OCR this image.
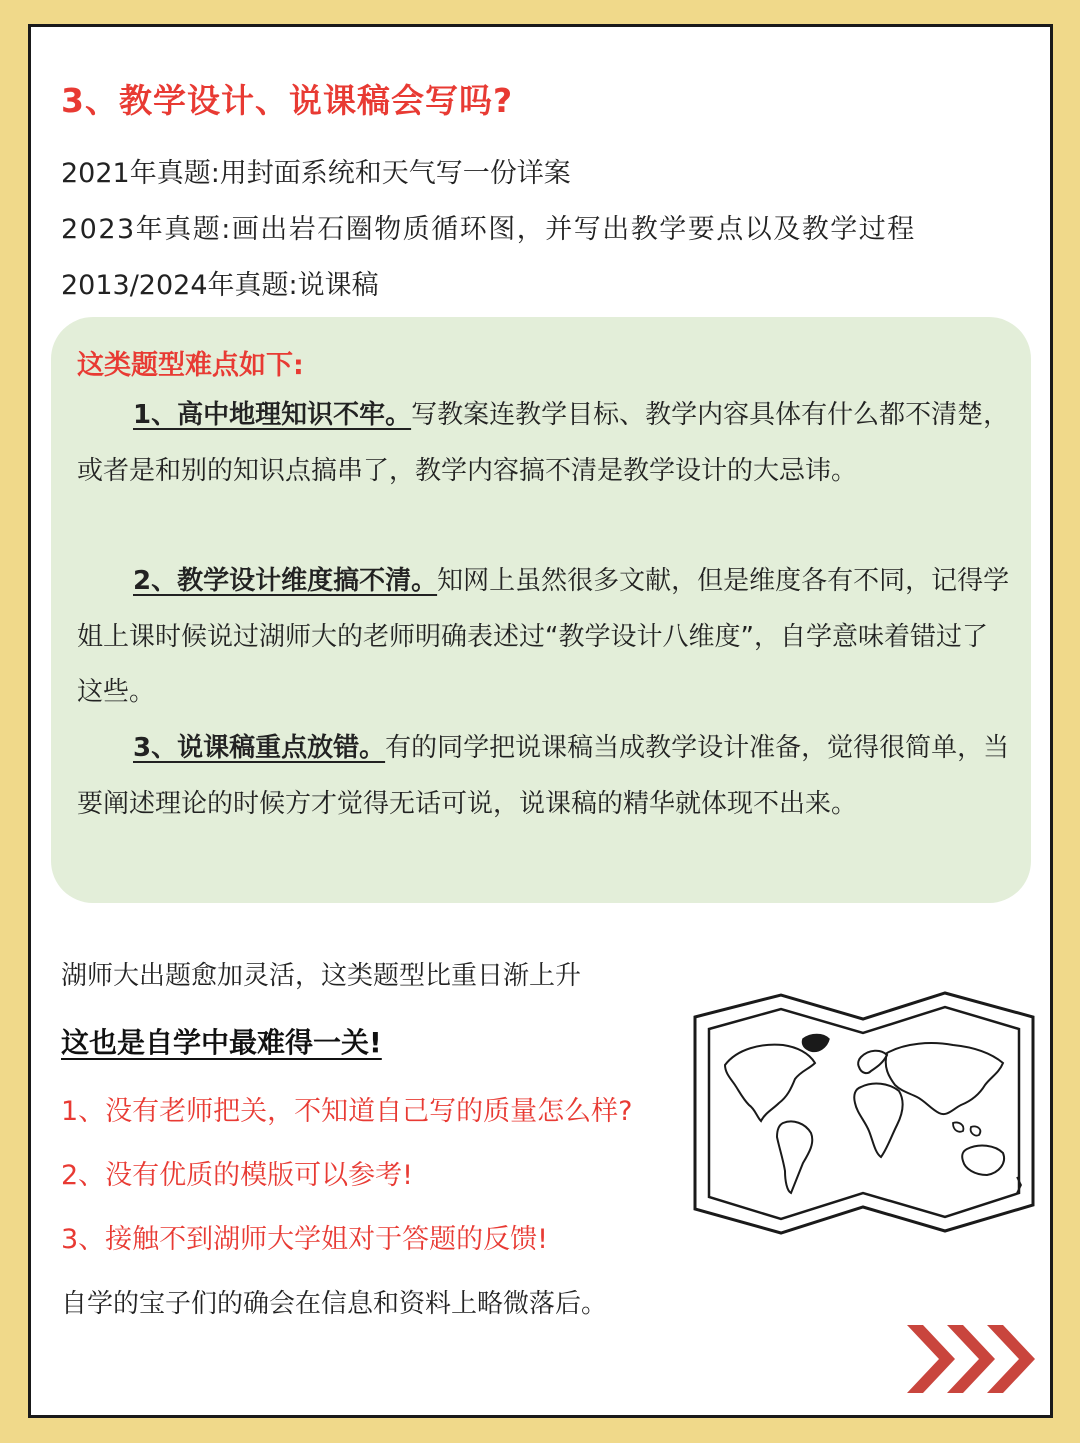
3、教学设计、说课稿会写吗?
2021年真题:用封面系统和天气写一份详案
2023年真题:画出岩石圈物质循环图，并写出教学要点以及教学过程
2013/2024年真题:说课稿
这类题型难点如下:
1、高中地理知识不牢。写教案连教学目标、教学内容具体有什么都不清楚，或者是和别的知识点搞串了，教学内容搞不清是教学设计的大忌讳。
2、教学设计维度搞不清。知网上虽然很多文献，但是维度各有不同，记得学姐上课时候说过湖师大的老师明确表述过“教学设计八维度”，自学意味着错过了这些。
3、说课稿重点放错。有的同学把说课稿当成教学设计准备，觉得很简单，当要阐述理论的时候方才觉得无话可说，说课稿的精华就体现不出来。
湖师大出题愈加灵活，这类题型比重日渐上升
这也是自学中最难得一关!
1、没有老师把关，不知道自己写的质量怎么样?
2、没有优质的模版可以参考!
3、接触不到湖师大学姐对于答题的反馈!
自学的宝子们的确会在信息和资料上略微落后。
